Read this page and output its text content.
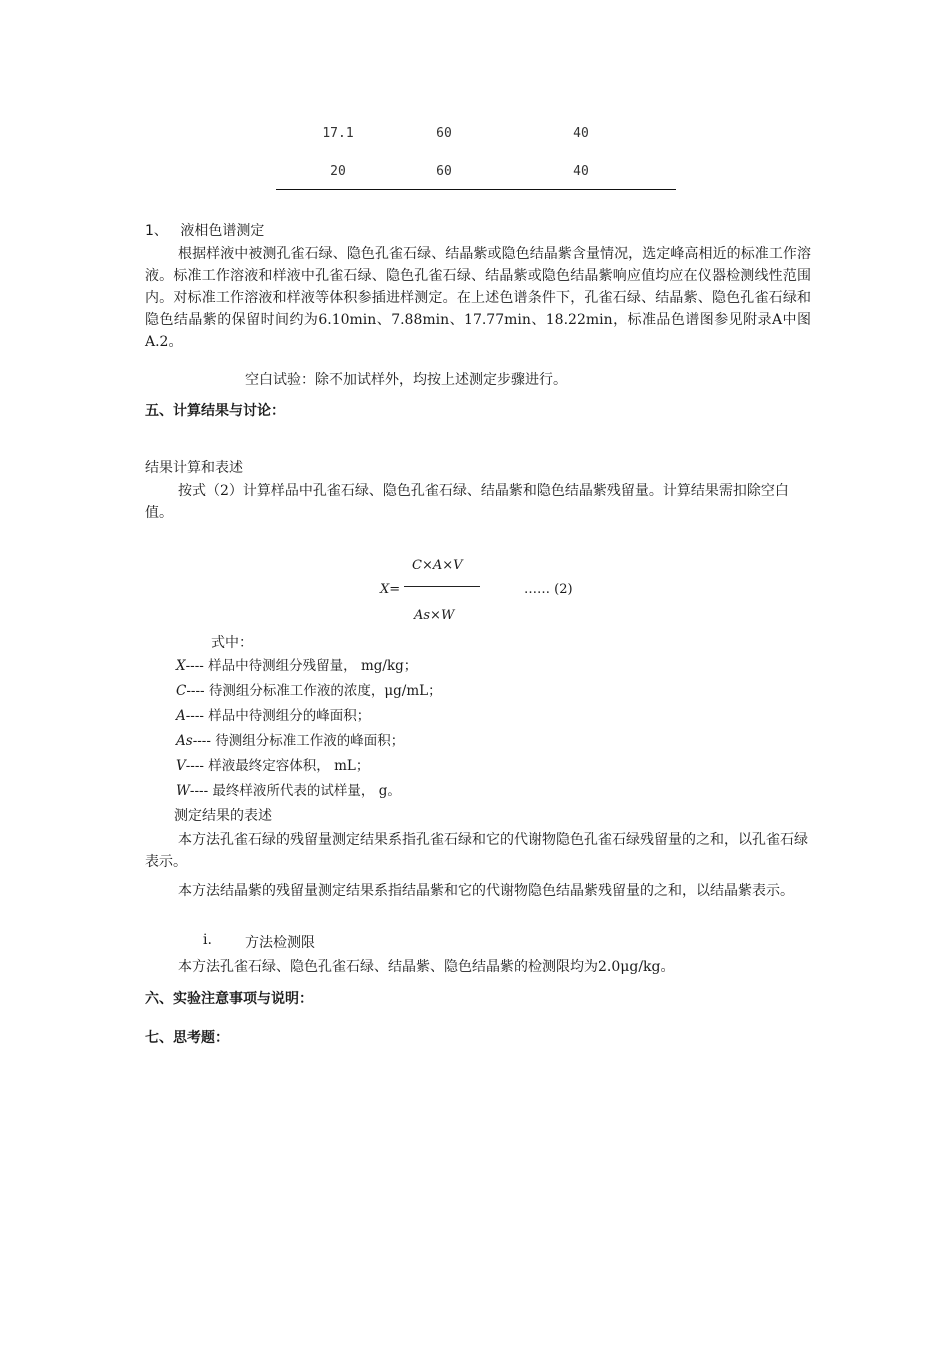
17.1	60	40
20	60	40
1、 液相色谱测定

根据样液中被测孔雀石绿、隐色孔雀石绿、结晶紫或隐色结晶紫含量情况，选定峰高相近的标准工作溶液。标准工作溶液和样液中孔雀石绿、隐色孔雀石绿、结晶紫或隐色结晶紫响应值均应在仪器检测线性范围内。对标准工作溶液和样液等体积参插进样测定。在上述色谱条件下，孔雀石绿、结晶紫、隐色孔雀石绿和隐色结晶紫的保留时间约为6.10min、7.88min、17.77min、18.22min，标准品色谱图参见附录A中图A.2。

空白试验：除不加试样外，均按上述测定步骤进行。
五、计算结果与讨论：
结果计算和表述

按式（2）计算样品中孔雀石绿、隐色孔雀石绿、结晶紫和隐色结晶紫残留量。计算结果需扣除空白值。

C×A×V
X=
As×W
…… (2)
式中：
X---- 样品中待测组分残留量， mg/kg；
C---- 待测组分标准工作液的浓度，μg/mL；
A---- 样品中待测组分的峰面积；
As---- 待测组分标准工作液的峰面积；
V---- 样液最终定容体积， mL；
W---- 最终样液所代表的试样量， g。
测定结果的表述

本方法孔雀石绿的残留量测定结果系指孔雀石绿和它的代谢物隐色孔雀石绿残留量的之和，以孔雀石绿表示。

本方法结晶紫的残留量测定结果系指结晶紫和它的代谢物隐色结晶紫残留量的之和，以结晶紫表示。

i. 方法检测限
本方法孔雀石绿、隐色孔雀石绿、结晶紫、隐色结晶紫的检测限均为2.0μg/kg。
六、实验注意事项与说明：
七、思考题：
